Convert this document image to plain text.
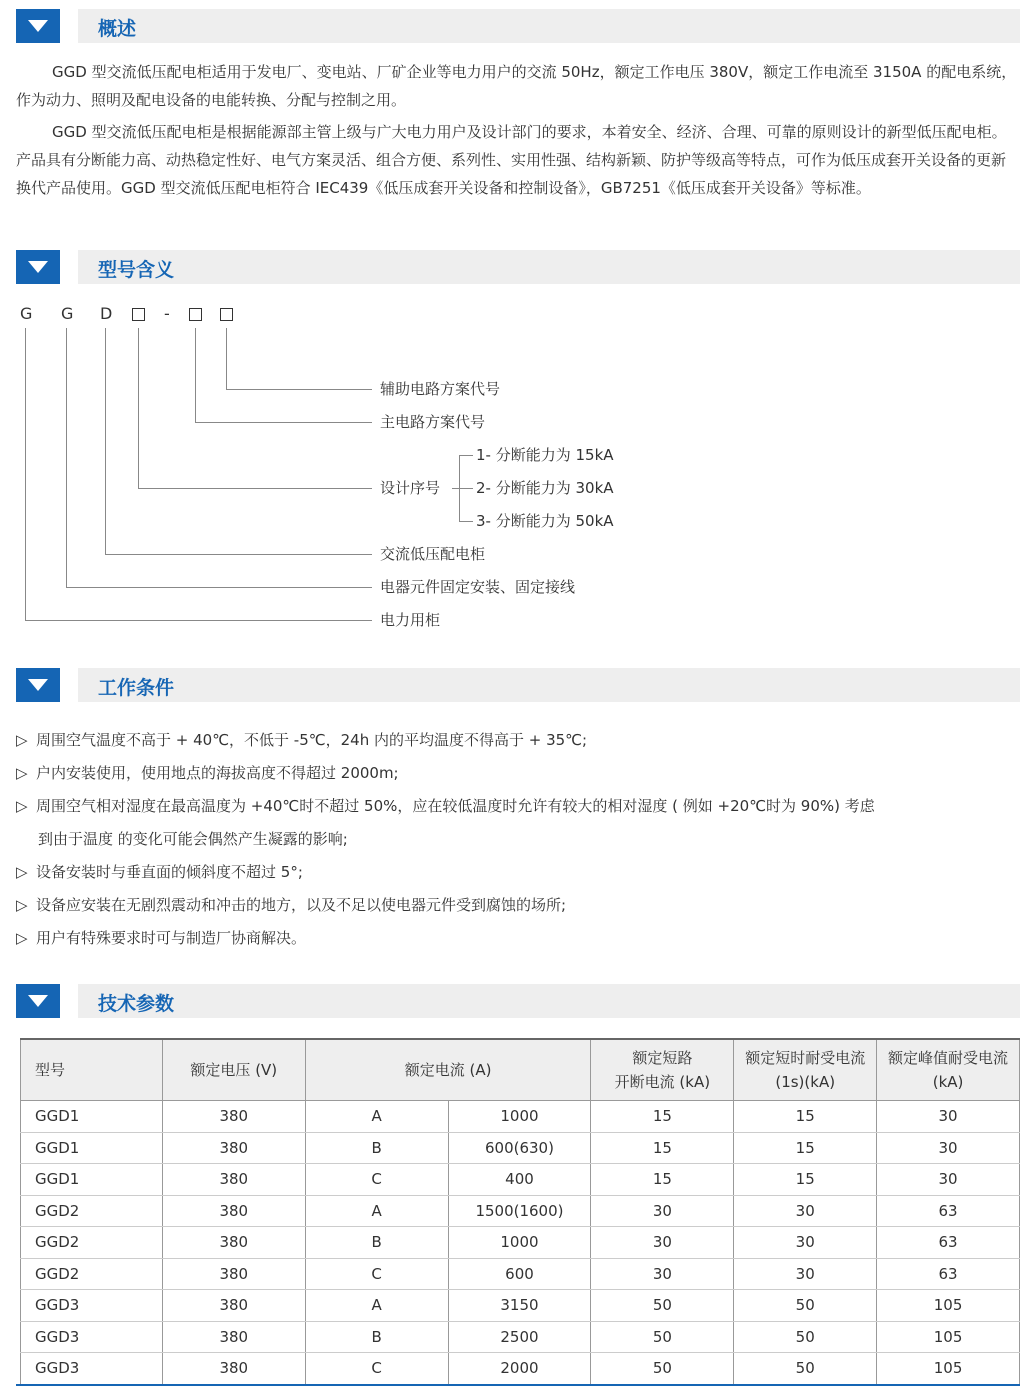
概述
GGD 型交流低压配电柜适用于发电厂、变电站、厂矿企业等电力用户的交流 50Hz，额定工作电压 380V，额定工作电流至 3150A 的配电系统，作为动力、照明及配电设备的电能转换、分配与控制之用。
GGD 型交流低压配电柜是根据能源部主管上级与广大电力用户及设计部门的要求，本着安全、经济、合理、可靠的原则设计的新型低压配电柜。产品具有分断能力高、动热稳定性好、电气方案灵活、组合方便、系列性、实用性强、结构新颖、防护等级高等特点，可作为低压成套开关设备的更新换代产品使用。GGD 型交流低压配电柜符合 IEC439《低压成套开关设备和控制设备》，GB7251《低压成套开关设备》等标准。
型号含义
G G D	-
辅助电路方案代号
主电路方案代号
设计序号
1- 分断能力为 15kA
2- 分断能力为 30kA
3- 分断能力为 50kA
交流低压配电柜
电器元件固定安装、固定接线
电力用柜
工作条件
▷ 周围空气温度不高于 + 40℃，不低于 -5℃，24h 内的平均温度不得高于 + 35℃;
▷ 户内安装使用，使用地点的海拔高度不得超过 2000m;
▷ 周围空气相对湿度在最高温度为 +40℃时不超过 50%，应在较低温度时允许有较大的相对湿度 ( 例如 +20℃时为 90%) 考虑
到由于温度 的变化可能会偶然产生凝露的影响;
▷ 设备安装时与垂直面的倾斜度不超过 5°;
▷ 设备应安装在无剧烈震动和冲击的地方，以及不足以使电器元件受到腐蚀的场所;
▷ 用户有特殊要求时可与制造厂协商解决。
技术参数
型号	额定电压 (V)	额定电流 (A)		额定短路
开断电流 (kA)	额定短时耐受电流
(1s)(kA)	额定峰值耐受电流
(kA)
GGD1	380	A	1000	15	15	30
GGD1	380	B	600(630)	15	15	30
GGD1	380	C	400	15	15	30
GGD2	380	A	1500(1600)	30	30	63
GGD2	380	B	1000	30	30	63
GGD2	380	C	600	30	30	63
GGD3	380	A	3150	50	50	105
GGD3	380	B	2500	50	50	105
GGD3	380	C	2000	50	50	105
